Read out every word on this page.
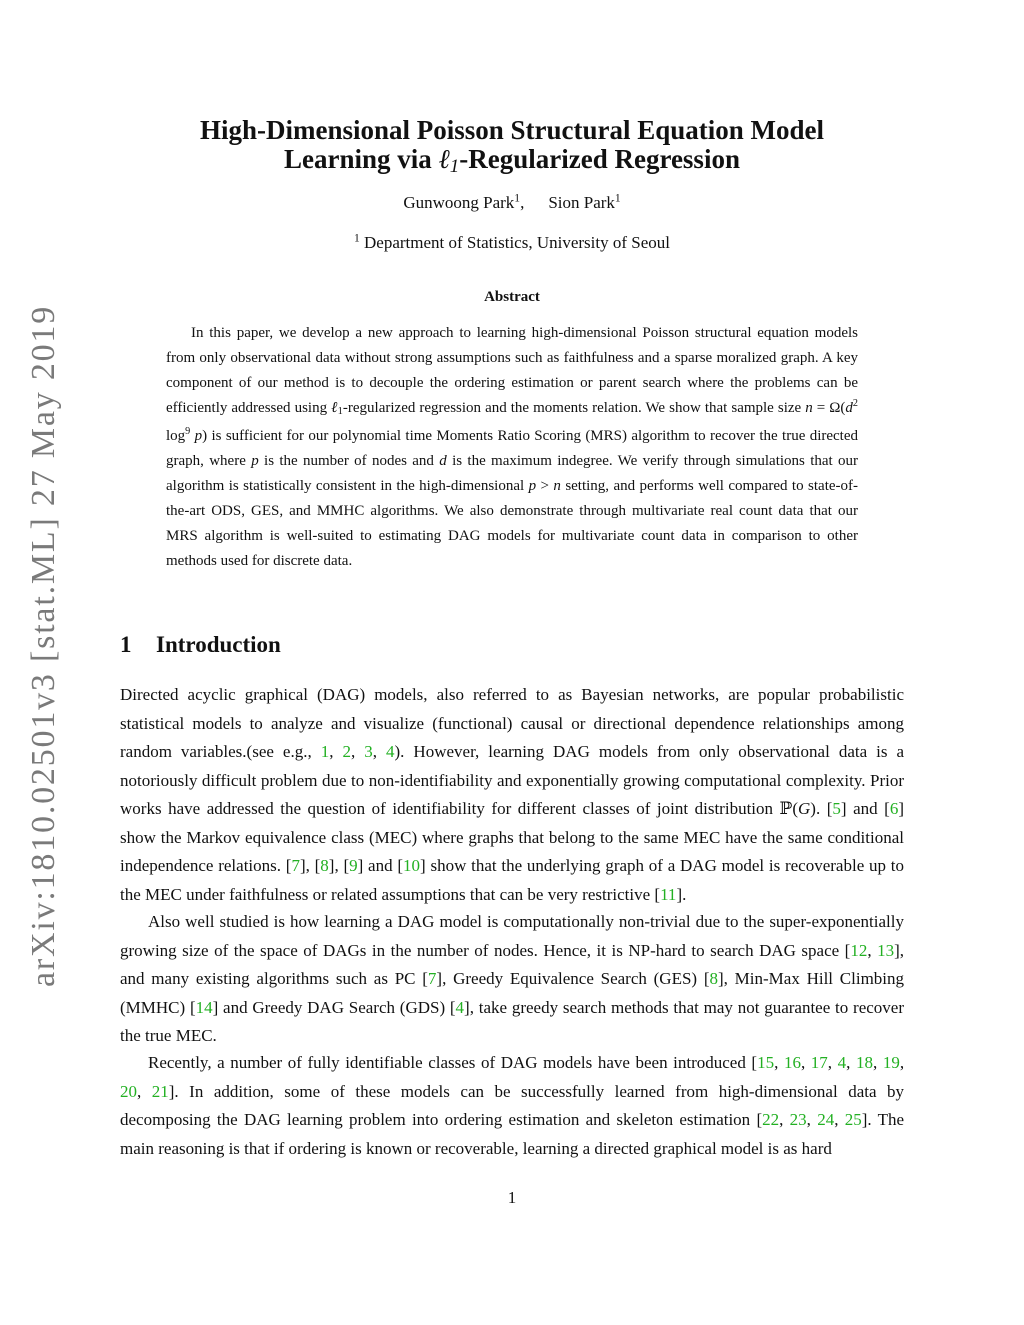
arXiv:1810.02501v3 [stat.ML] 27 May 2019
High-Dimensional Poisson Structural Equation Model
Learning via ℓ$_1$-Regularized Regression
Gunwoong Park$^1$, Sion Park$^1$
$^1$ Department of Statistics, University of Seoul
Abstract

In this paper, we develop a new approach to learning high-dimensional Poisson structural equation models from only observational data without strong assumptions such as faithfulness and a sparse moralized graph. A key component of our method is to decouple the ordering estimation or parent search where the problems can be efficiently addressed using ℓ$_1$-regularized regression and the moments relation. We show that sample size $n = \Omega(d^2$ $\log^9 p$) is sufficient for our polynomial time Moments Ratio Scoring (MRS) algorithm to recover the true directed graph, where p is the number of nodes and d is the maximum indegree. We verify through simulations that our algorithm is statistically consistent in the high-dimensional p > n setting, and performs well compared to state-of-the-art ODS, GES, and MMHC algorithms. We also demonstrate through multivariate real count data that our MRS algorithm is well-suited to estimating DAG models for multivariate count data in comparison to other methods used for discrete data.

1 Introduction

Directed acyclic graphical (DAG) models, also referred to as Bayesian networks, are popular probabilistic statistical models to analyze and visualize (functional) causal or directional dependence relationships among random variables.(see e.g., 1, 2, 3, 4). However, learning DAG models from only observational data is a notoriously difficult problem due to non-identifiability and exponentially growing computational complexity. Prior works have addressed the question of identifiability for different classes of joint distribution ℙ(G). [5] and [6] show the Markov equivalence class (MEC) where graphs that belong to the same MEC have the same conditional independence relations. [7], [8], [9] and [10] show that the underlying graph of a DAG model is recoverable up to the MEC under faithfulness or related assumptions that can be very restrictive [11].

Also well studied is how learning a DAG model is computationally non-trivial due to the super-exponentially growing size of the space of DAGs in the number of nodes. Hence, it is NP-hard to search DAG space [12, 13], and many existing algorithms such as PC [7], Greedy Equivalence Search (GES) [8], Min-Max Hill Climbing (MMHC) [14] and Greedy DAG Search (GDS) [4], take greedy search methods that may not guarantee to recover the true MEC.

Recently, a number of fully identifiable classes of DAG models have been introduced [15, 16, 17, 4, 18, 19, 20, 21]. In addition, some of these models can be successfully learned from high-dimensional data by decomposing the DAG learning problem into ordering estimation and skeleton estimation [22, 23, 24, 25]. The main reasoning is that if ordering is known or recoverable, learning a directed graphical model is as hard

1
